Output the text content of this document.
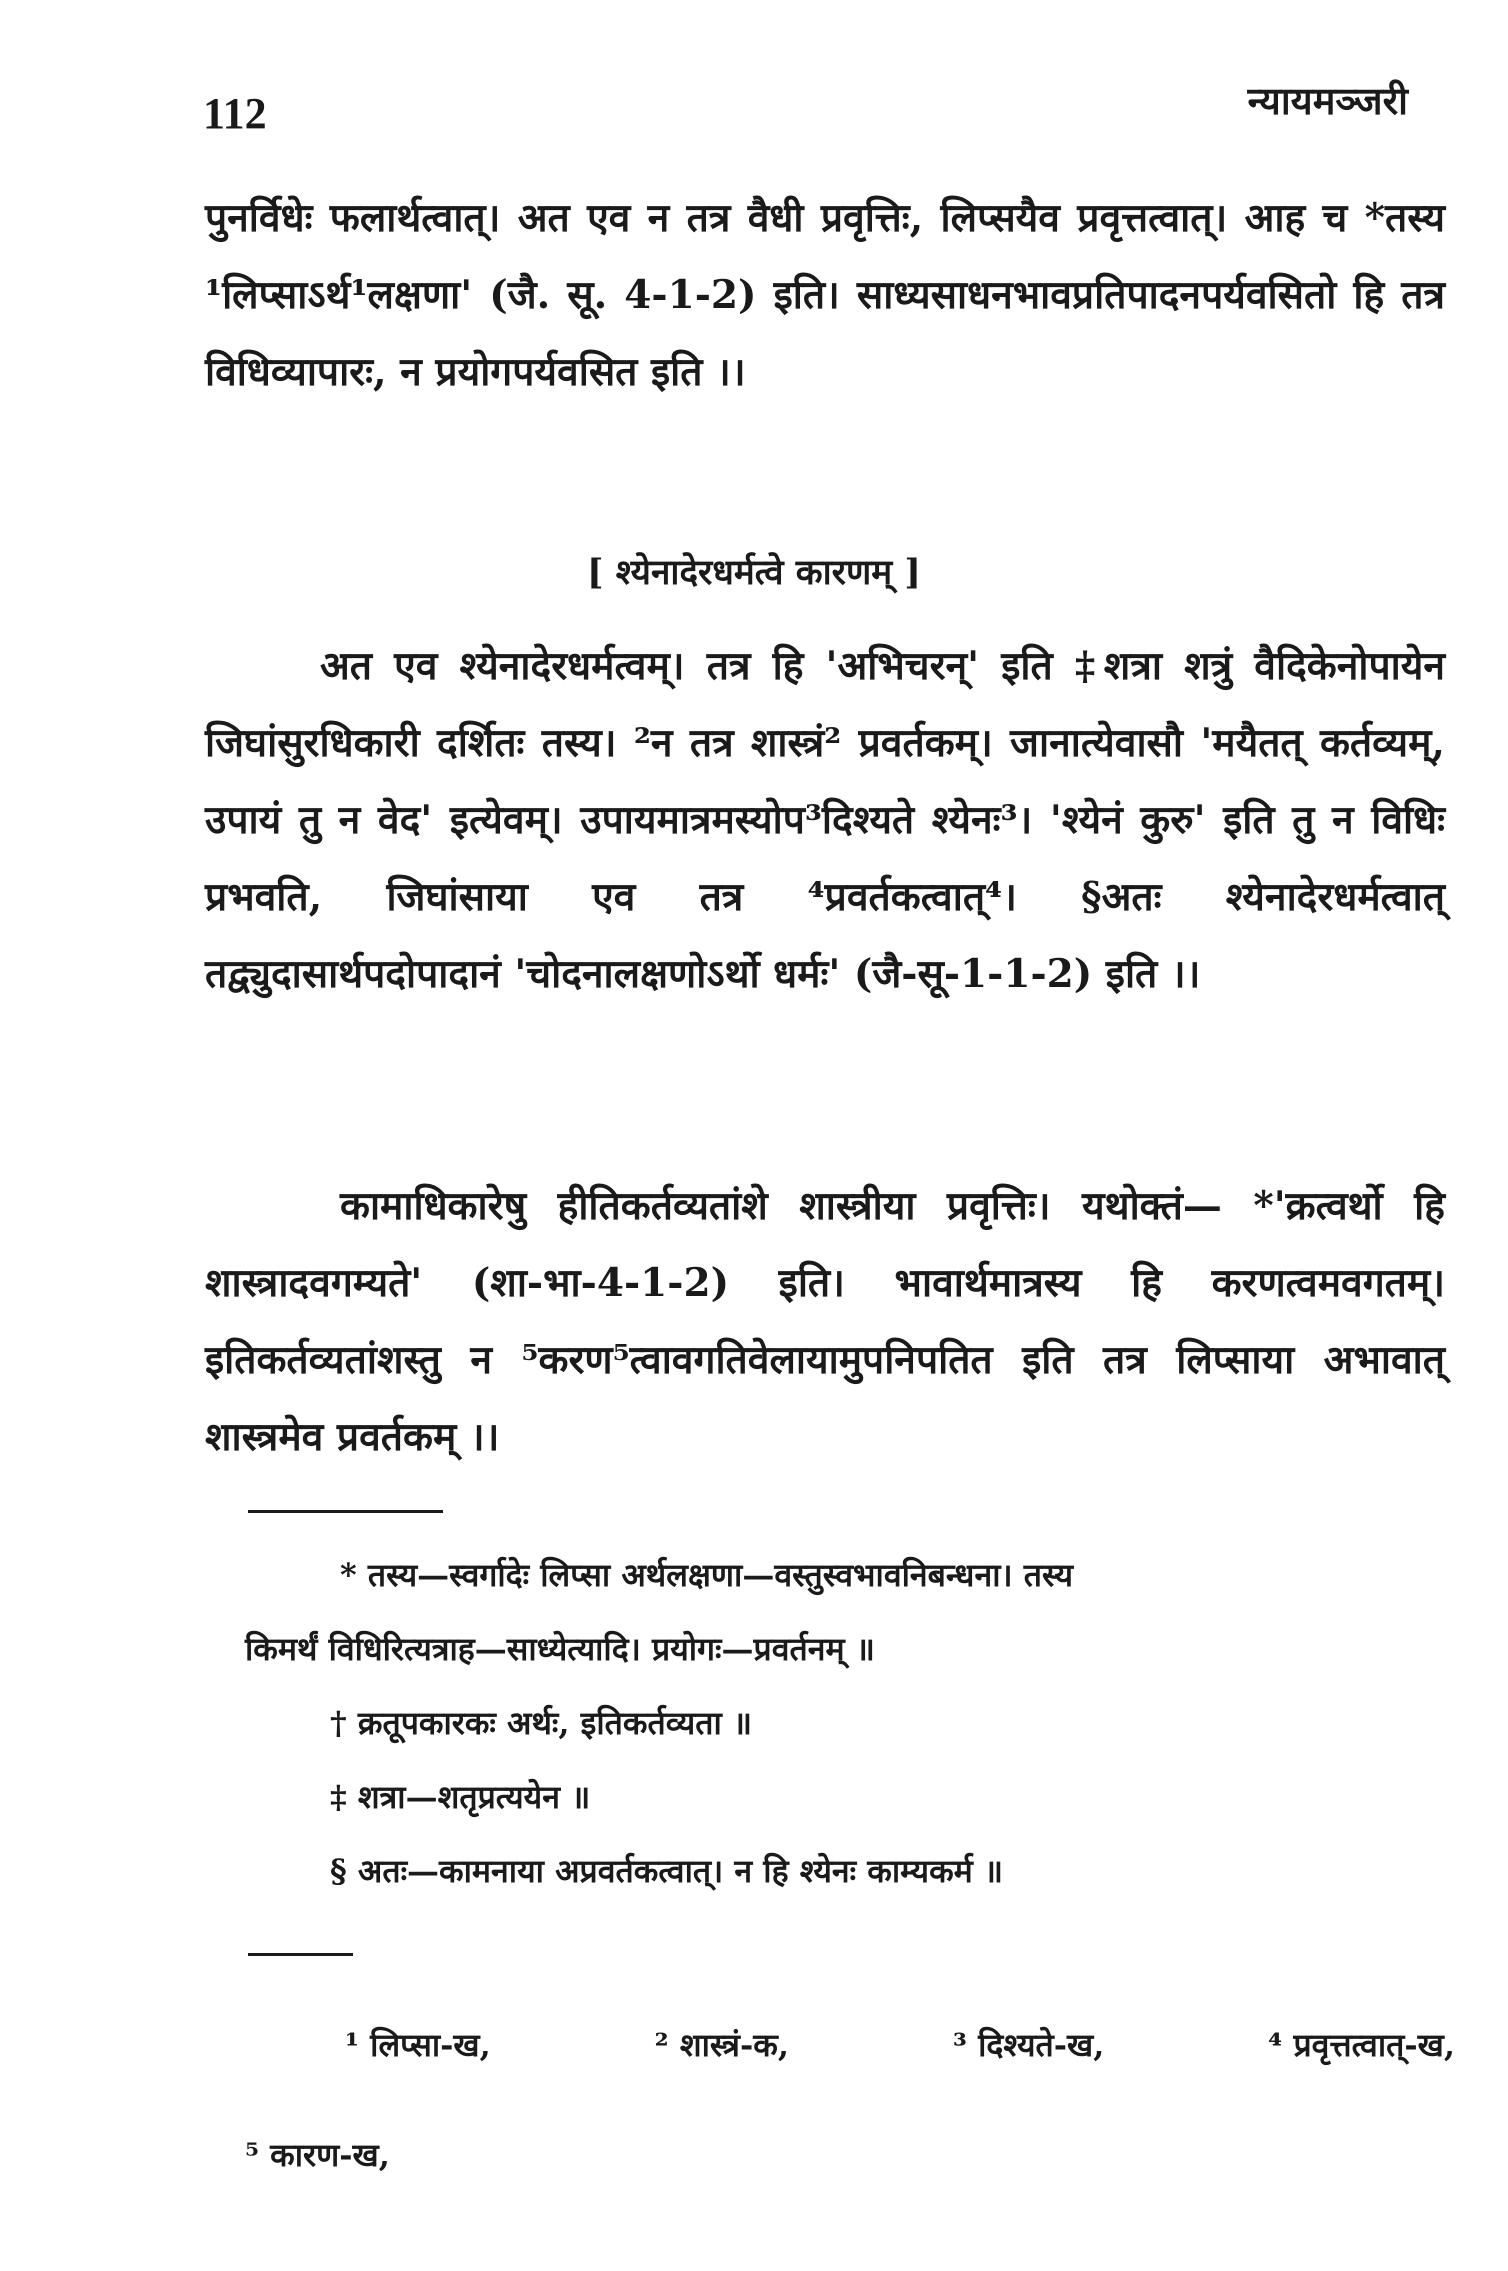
112	न्यायमञ्जरी
पुनर्विधेः फलार्थत्वात्। अत एव न तत्र वैधी प्रवृत्तिः, लिप्सयैव प्रवृत्तत्वात्। आह च *तस्य ¹लिप्साऽर्थ¹लक्षणा' (जै. सू. 4-1-2) इति। साध्यसाधनभावप्रतिपादनपर्यवसितो हि तत्र विधिव्यापारः, न प्रयोगपर्यवसित इति ।।
[ श्येनादेरधर्मत्वे कारणम् ]
अत एव श्येनादेरधर्मत्वम्। तत्र हि 'अभिचरन्' इति ‡शत्रा शत्रुं वैदिकेनोपायेन जिघांसुरधिकारी दर्शितः तस्य। ²न तत्र शास्त्रं² प्रवर्तकम्। जानात्येवासौ 'मयैतत् कर्तव्यम्, उपायं तु न वेद' इत्येवम्। उपायमात्रमस्योप³दिश्यते श्येनः³। 'श्येनं कुरु' इति तु न विधिः प्रभवति, जिघांसाया एव तत्र ⁴प्रवर्तकत्वात्⁴। §अतः श्येनादेरधर्मत्वात् तद्व्युदासार्थपदोपादानं 'चोदनालक्षणोऽर्थो धर्मः' (जै-सू-1-1-2) इति ।।
कामाधिकारेषु हीतिकर्तव्यतांशे शास्त्रीया प्रवृत्तिः। यथोक्तं— *'क्रत्वर्थो हि शास्त्रादवगम्यते' (शा-भा-4-1-2) इति। भावार्थमात्रस्य हि करणत्वमवगतम्। इतिकर्तव्यतांशस्तु न ⁵करण⁵त्वावगतिवेलायामुपनिपतित इति तत्र लिप्साया अभावात् शास्त्रमेव प्रवर्तकम् ।।
* तस्य—स्वर्गादेः लिप्सा अर्थलक्षणा—वस्तुस्वभावनिबन्धना। तस्य
किमर्थं विधिरित्यत्राह—साध्येत्यादि। प्रयोगः—प्रवर्तनम् ॥
† क्रतूपकारकः अर्थः, इतिकर्तव्यता ॥
‡ शत्रा—शतृप्रत्ययेन ॥
§ अतः—कामनाया अप्रवर्तकत्वात्। न हि श्येनः काम्यकर्म ॥
¹ लिप्सा-ख,	² शास्त्रं-क,	³ दिश्यते-ख,	⁴ प्रवृत्तत्वात्-ख,
⁵ कारण-ख,
